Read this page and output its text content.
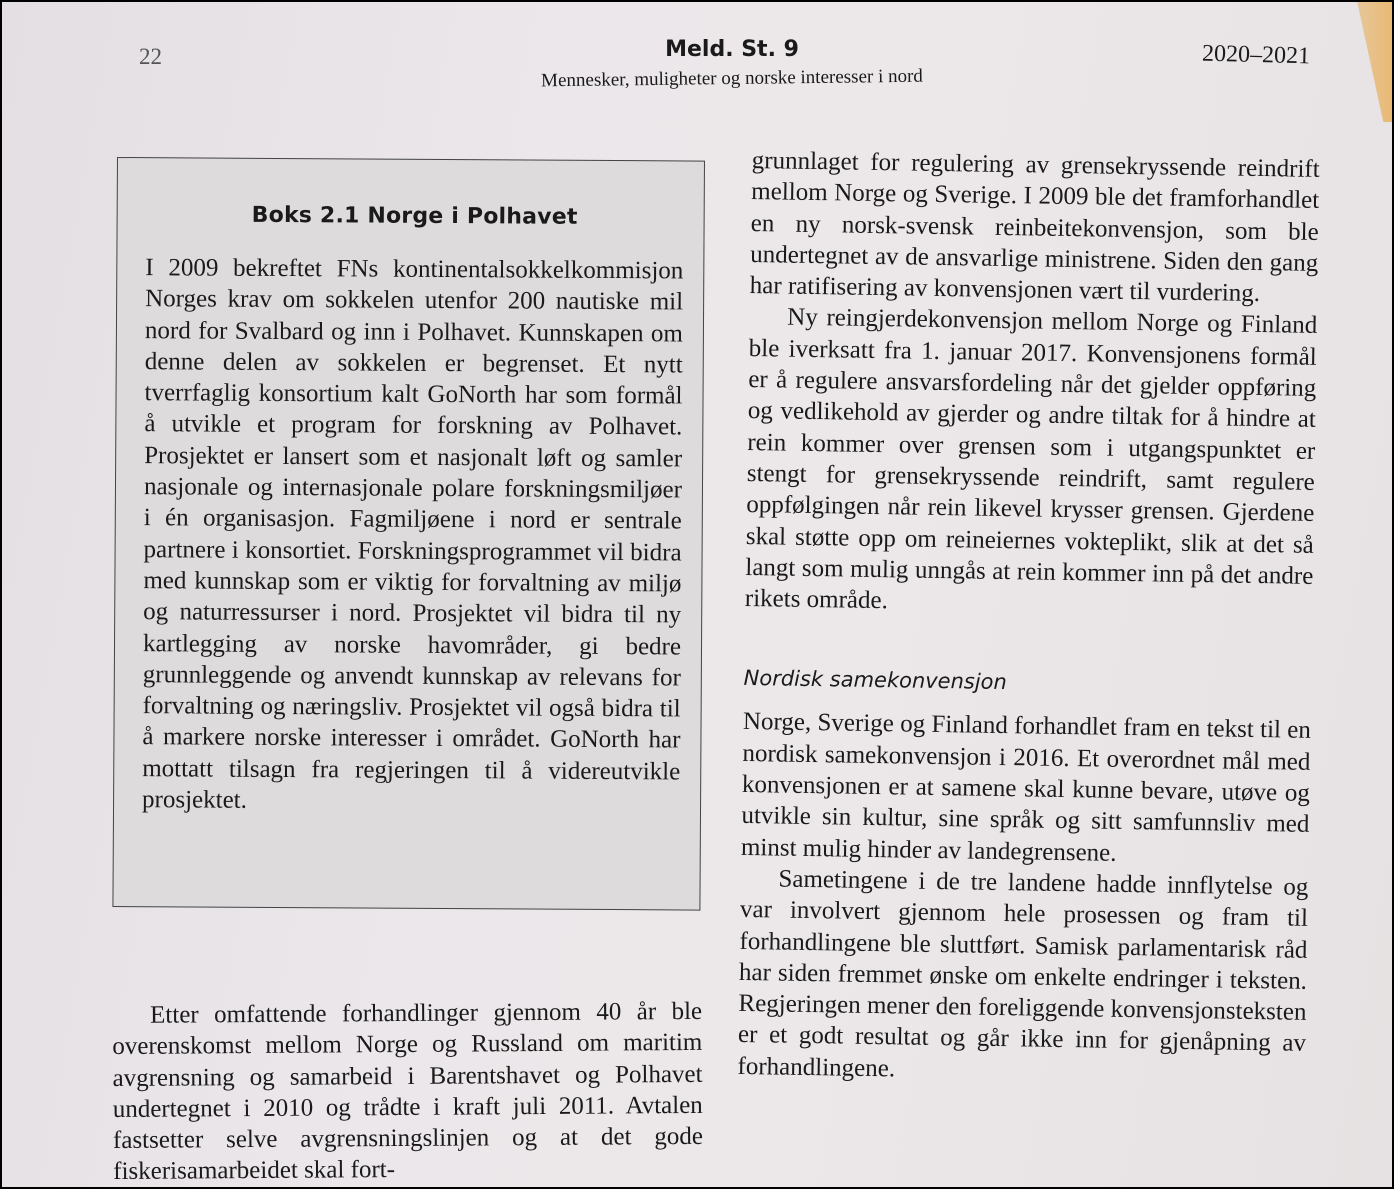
22	Meld. St. 9
Mennesker, muligheter og norske interesser i nord
2020–2021
Boks 2.1 Norge i Polhavet

I 2009 bekreftet FNs kontinentalsokkelkommisjon Norges krav om sokkelen utenfor 200 nautiske mil nord for Svalbard og inn i Polhavet. Kunnskapen om denne delen av sokkelen er begrenset. Et nytt tverrfaglig konsortium kalt GoNorth har som formål å utvikle et program for forskning av Polhavet. Prosjektet er lansert som et nasjonalt løft og samler nasjonale og internasjonale polare forskningsmiljøer i én organisasjon. Fagmiljøene i nord er sentrale partnere i konsortiet. Forskningsprogrammet vil bidra med kunnskap som er viktig for forvaltning av miljø og naturressurser i nord. Prosjektet vil bidra til ny kartlegging av norske havområder, gi bedre grunnleggende og anvendt kunnskap av relevans for forvaltning og næringsliv. Prosjektet vil også bidra til å markere norske interesser i området. GoNorth har mottatt tilsagn fra regjeringen til å videreutvikle prosjektet.

Etter omfattende forhandlinger gjennom 40 år ble overenskomst mellom Norge og Russland om maritim avgrensning og samarbeid i Barentshavet og Polhavet undertegnet i 2010 og trådte i kraft juli 2011. Avtalen fastsetter selve avgrensningslinjen og at det gode fiskerisamarbeidet skal fort-

grunnlaget for regulering av grensekryssende reindrift mellom Norge og Sverige. I 2009 ble det framforhandlet en ny norsk-svensk reinbeitekonvensjon, som ble undertegnet av de ansvarlige ministrene. Siden den gang har ratifisering av konvensjonen vært til vurdering.

Ny reingjerdekonvensjon mellom Norge og Finland ble iverksatt fra 1. januar 2017. Konvensjonens formål er å regulere ansvarsfordeling når det gjelder oppføring og vedlikehold av gjerder og andre tiltak for å hindre at rein kommer over grensen som i utgangspunktet er stengt for grensekryssende reindrift, samt regulere oppfølgingen når rein likevel krysser grensen. Gjerdene skal støtte opp om reineiernes vokteplikt, slik at det så langt som mulig unngås at rein kommer inn på det andre rikets område.

Nordisk samekonvensjon

Norge, Sverige og Finland forhandlet fram en tekst til en nordisk samekonvensjon i 2016. Et overordnet mål med konvensjonen er at samene skal kunne bevare, utøve og utvikle sin kultur, sine språk og sitt samfunnsliv med minst mulig hinder av landegrensene.

Sametingene i de tre landene hadde innflytelse og var involvert gjennom hele prosessen og fram til forhandlingene ble sluttført. Samisk parlamentarisk råd har siden fremmet ønske om enkelte endringer i teksten. Regjeringen mener den foreliggende konvensjonsteksten er et godt resultat og går ikke inn for gjenåpning av forhandlingene.
